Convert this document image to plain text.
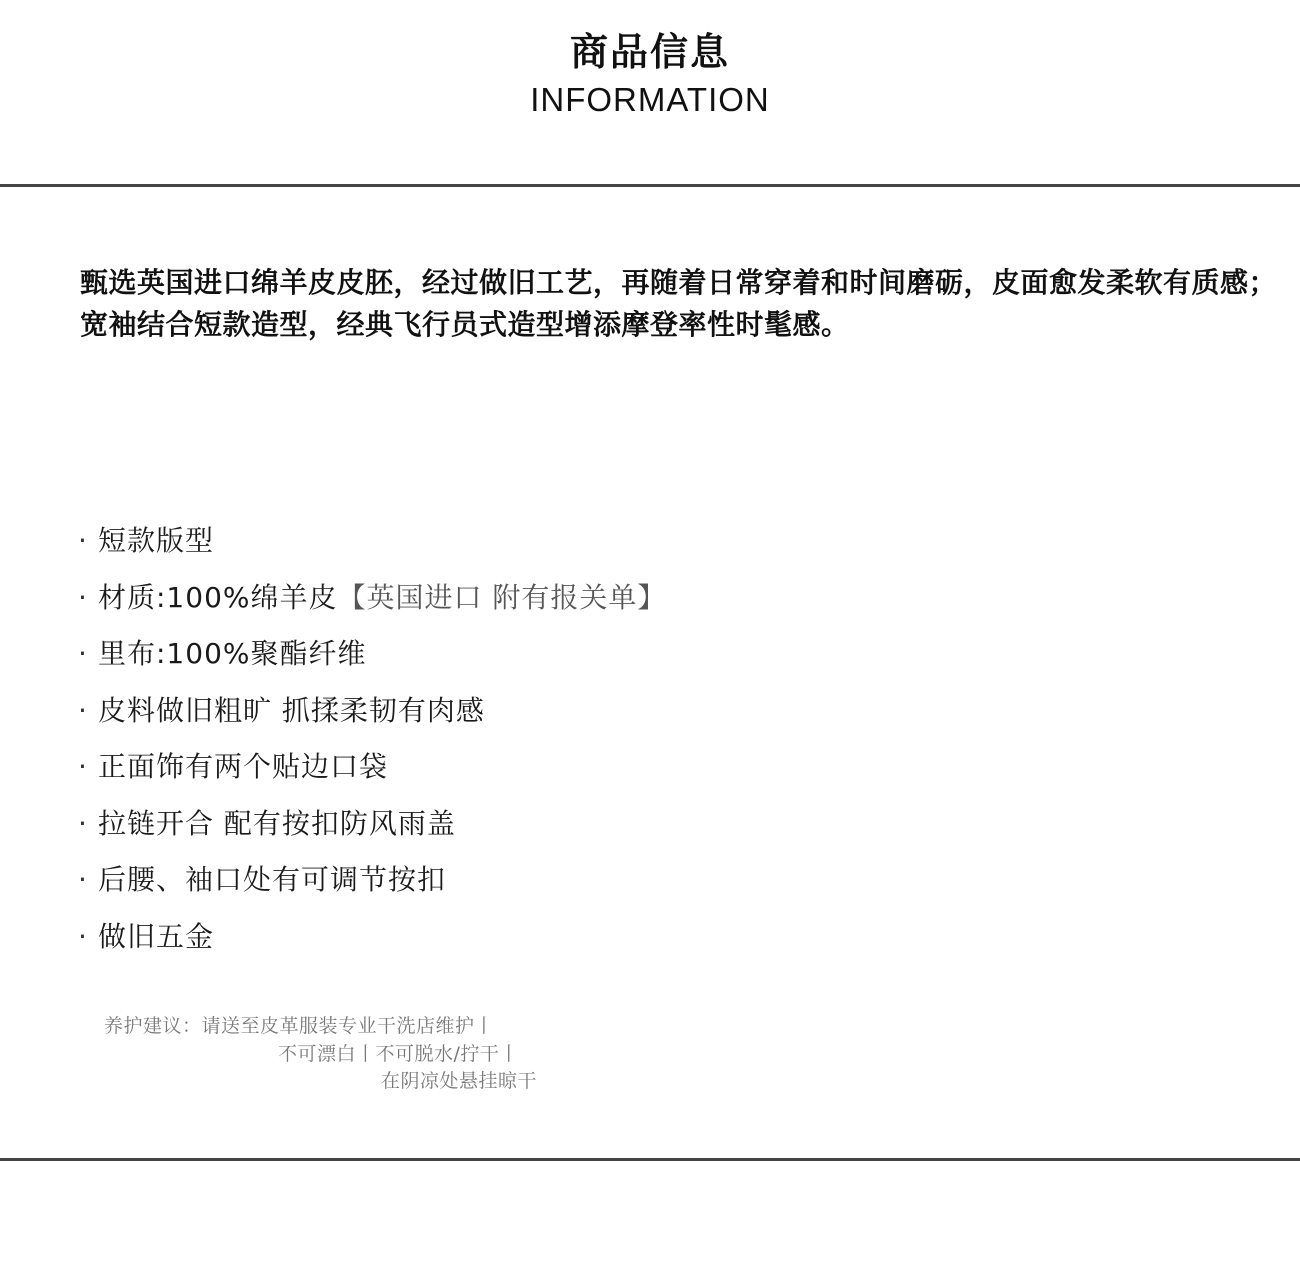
商品信息
INFORMATION
甄选英国进口绵羊皮皮胚，经过做旧工艺，再随着日常穿着和时间磨砺，皮面愈发柔软有质感；宽袖结合短款造型，经典飞行员式造型增添摩登率性时髦感。
· 短款版型
· 材质:100%绵羊皮【英国进口 附有报关单】
· 里布:100%聚酯纤维
· 皮料做旧粗旷 抓揉柔韧有肉感
· 正面饰有两个贴边口袋
· 拉链开合 配有按扣防风雨盖
· 后腰、袖口处有可调节按扣
· 做旧五金
养护建议：请送至皮革服装专业干洗店维护丨
不可漂白丨不可脱水/拧干丨
在阴凉处悬挂晾干
